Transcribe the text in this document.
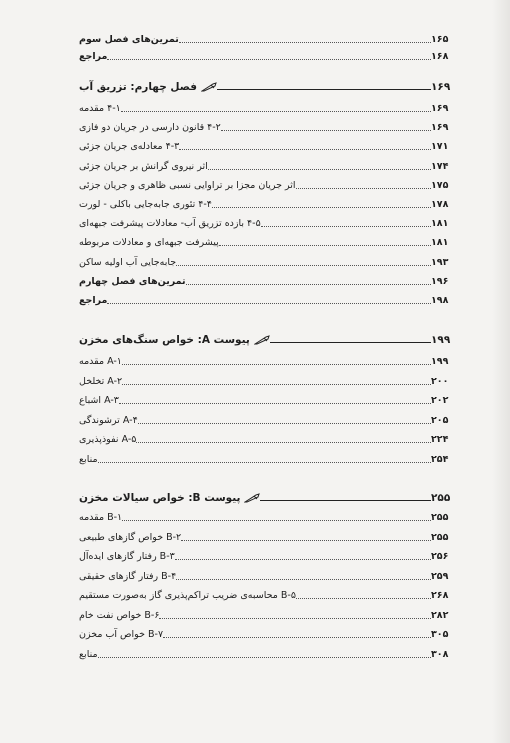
تمرین‌های فصل سوم	۱۶۵
مراجع	۱۶۸
فصل چهارم: تزریق آب	۱۶۹
۴-۱ مقدمه	۱۶۹
۴-۲ قانون دارسی در جریان دو فازی	۱۶۹
۴-۳ معادله‌ی جریان جزئی	۱۷۱
اثر نیروی گرانش بر جریان جزئی	۱۷۴
اثر جریان مجزا بر تراوایی نسبی ظاهری و جریان جزئی	۱۷۵
۴-۴ تئوری جابه‌جایی باکلی - لورت	۱۷۸
۴-۵ بازده تزریق آب- معادلات پیشرفت جبهه‌ای	۱۸۱
پیشرفت جبهه‌ای و معادلات مربوطه	۱۸۱
جابه‌جایی آب اولیه ساکن	۱۹۳
تمرین‌های فصل چهارم	۱۹۶
مراجع	۱۹۸
پیوست A: خواص سنگ‌های مخزن	۱۹۹
A-۱ مقدمه	۱۹۹
A-۲ تخلخل	۲۰۰
A-۳ اشباع	۲۰۲
A-۴ ترشوندگی	۲۰۵
A-۵ نفوذپذیری	۲۲۴
منابع	۲۵۴
پیوست B: خواص سیالات مخزن	۲۵۵
B-۱ مقدمه	۲۵۵
B-۲ خواص گازهای طبیعی	۲۵۵
B-۳ رفتار گازهای ایده‌آل	۲۵۶
B-۴ رفتار گازهای حقیقی	۲۵۹
B-۵ محاسبه‌ی ضریب تراکم‌پذیری گاز به‌صورت مستقیم	۲۶۸
B-۶ خواص نفت خام	۲۸۲
B-۷ خواص آب مخزن	۳۰۵
منابع	۳۰۸
